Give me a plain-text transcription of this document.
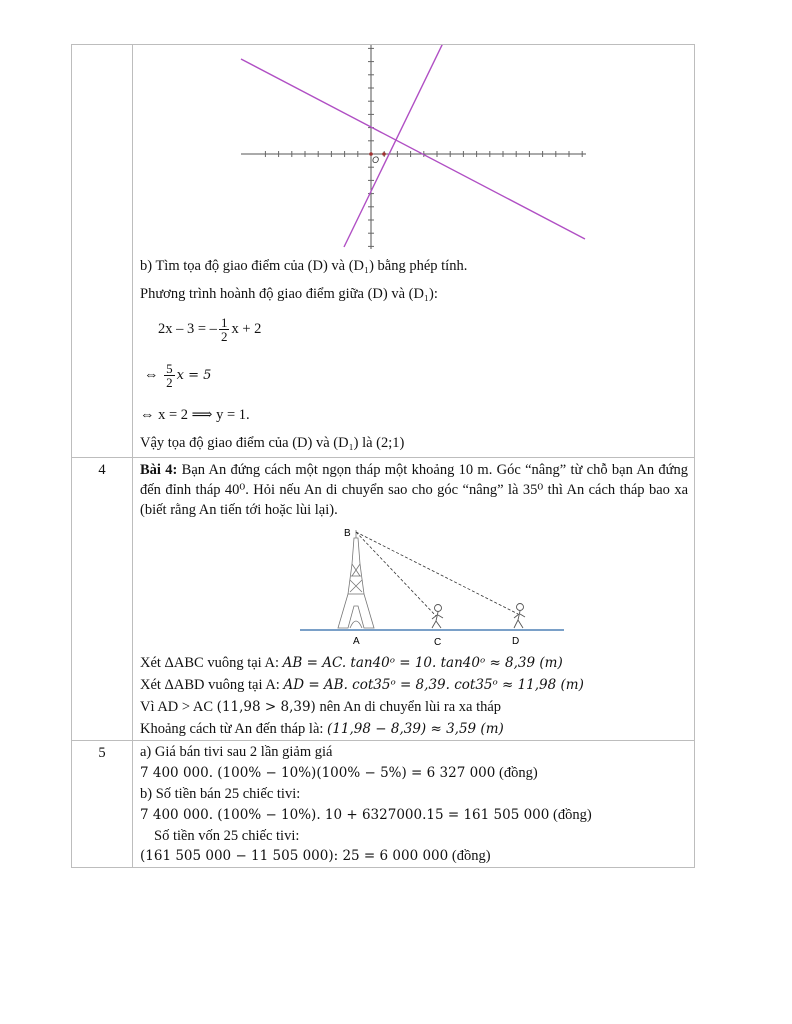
O
b) Tìm tọa độ giao điểm của (D) và (D₁) bằng phép tính.
Phương trình hoành độ giao điểm giữa (D) và (D₁):
2x – 3 = – $\frac{1}{2}$ x + 2
⇔ $\frac{5}{2}$ x = 5
⇔ x = 2 ⟹ y = 1.
Vậy tọa độ giao điểm của (D) và (D₁) là (2;1)
4	Bài 4: Bạn An đứng cách một ngọn tháp một khoảng 10 m. Góc “nâng” từ chỗ bạn An đứng đến đỉnh tháp 40⁰. Hỏi nếu An di chuyển sao cho góc “nâng” là 35⁰ thì An cách tháp bao xa (biết rằng An tiến tới hoặc lùi lại).
B
A	C	D
Xét ΔABC vuông tại A: AB = AC. tan40ᵒ = 10. tan40ᵒ ≈ 8,39 (m)
Xét ΔABD vuông tại A: AD = AB. cot35ᵒ = 8,39. cot35ᵒ ≈ 11,98 (m)
Vì AD > AC (11,98 > 8,39) nên An di chuyển lùi ra xa tháp
Khoảng cách từ An đến tháp là: (11,98 − 8,39) ≈ 3,59 (m)
5	a) Giá bán tivi sau 2 lần giảm giá
7 400 000. (100% − 10%)(100% − 5%) = 6 327 000 (đồng)
b) Số tiền bán 25 chiếc tivi:
7 400 000. (100% − 10%). 10 + 6327000.15 = 161 505 000 (đồng)
Số tiền vốn 25 chiếc tivi:
(161 505 000 − 11 505 000): 25 = 6 000 000 (đồng)
